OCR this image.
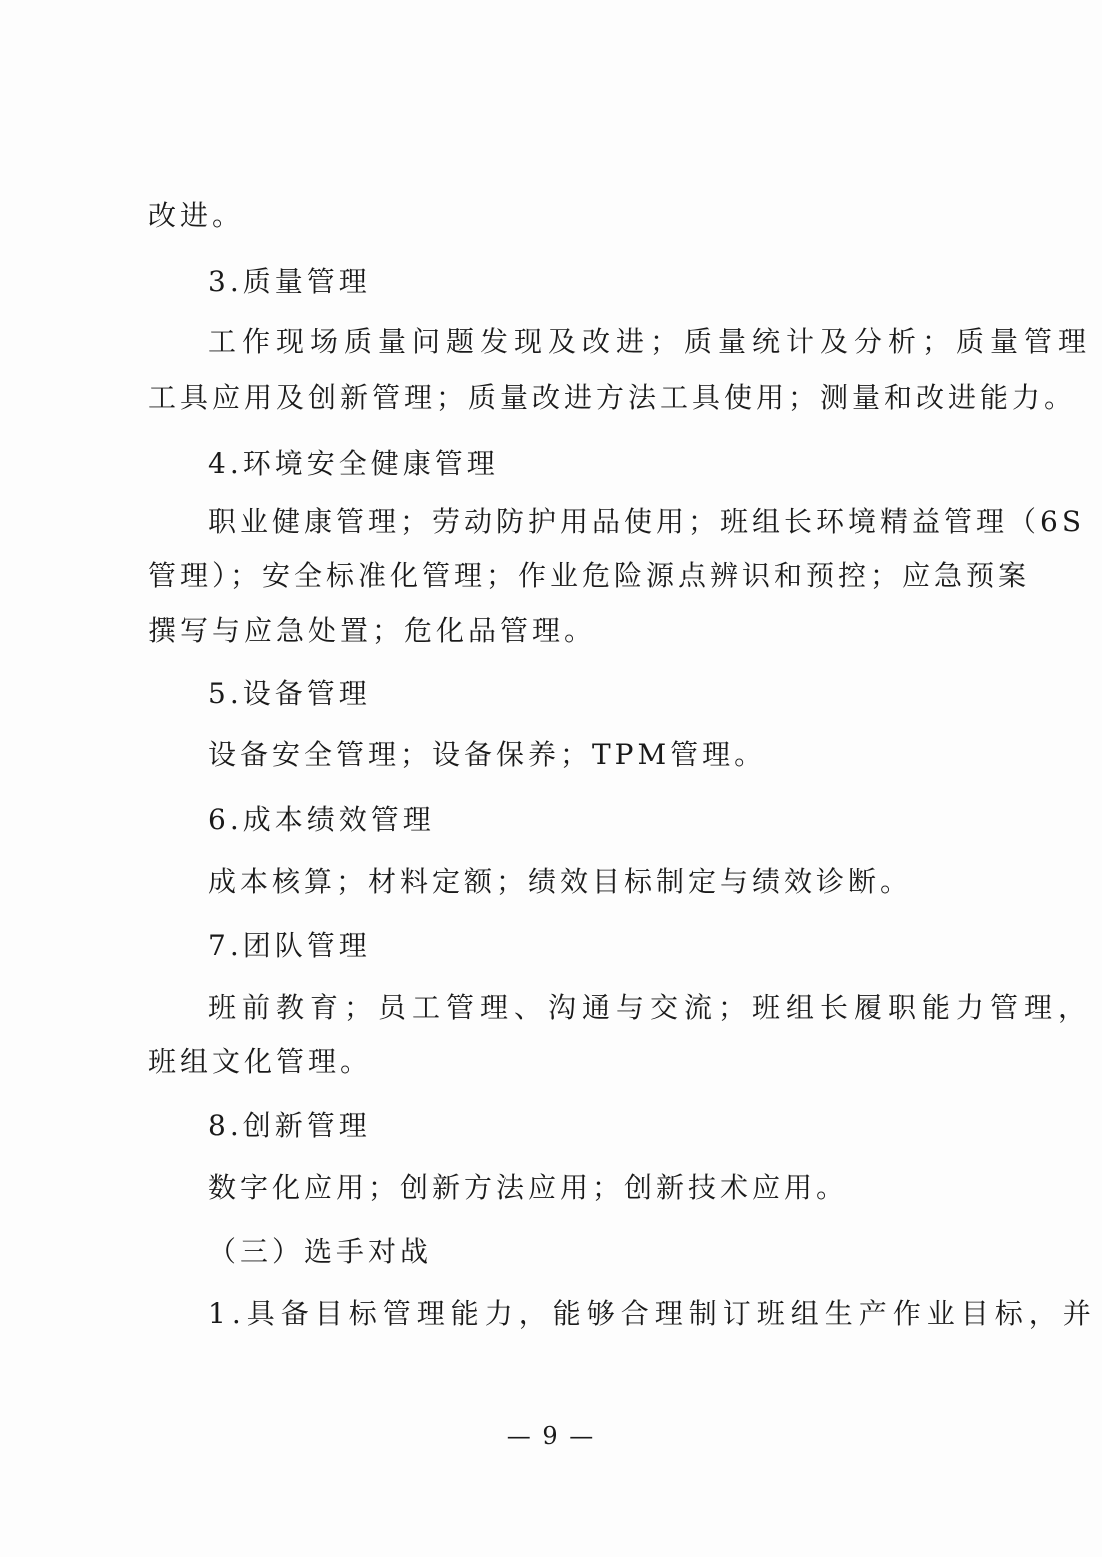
改进。
3.质量管理
工作现场质量问题发现及改进；质量统计及分析；质量管理
工具应用及创新管理；质量改进方法工具使用；测量和改进能力。
4.环境安全健康管理
职业健康管理；劳动防护用品使用；班组长环境精益管理（6S
管理）；安全标准化管理；作业危险源点辨识和预控；应急预案
撰写与应急处置；危化品管理。
5.设备管理
设备安全管理；设备保养；TPM管理。
6.成本绩效管理
成本核算；材料定额；绩效目标制定与绩效诊断。
7.团队管理
班前教育；员工管理、沟通与交流；班组长履职能力管理，
班组文化管理。
8.创新管理
数字化应用；创新方法应用；创新技术应用。
（三）选手对战
1.具备目标管理能力，能够合理制订班组生产作业目标，并
— 9 —
